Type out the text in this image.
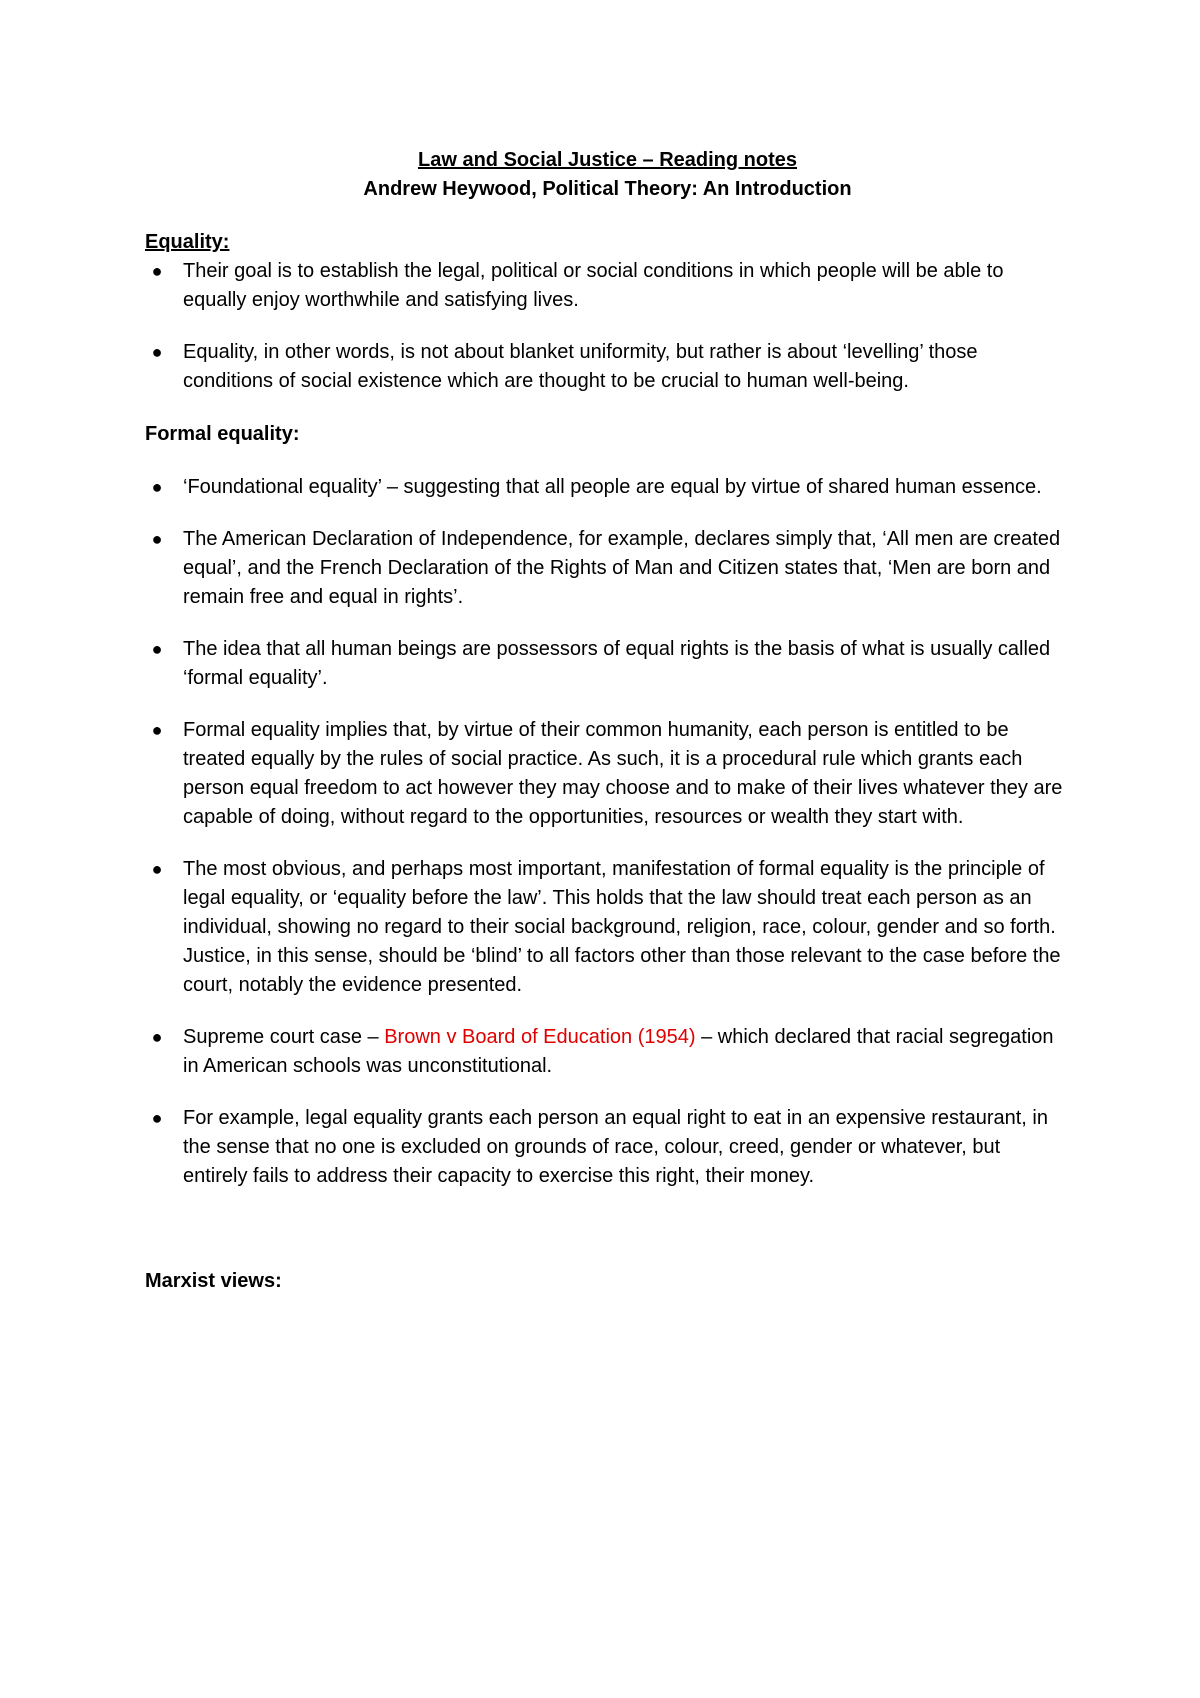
Law and Social Justice – Reading notes

Andrew Heywood, Political Theory: An Introduction

Equality:

● Their goal is to establish the legal, political or social conditions in which people will be able to equally enjoy worthwhile and satisfying lives.
● Equality, in other words, is not about blanket uniformity, but rather is about ‘levelling’ those conditions of social existence which are thought to be crucial to human well-being.

Formal equality:

● ‘Foundational equality’ – suggesting that all people are equal by virtue of shared human essence.
● The American Declaration of Independence, for example, declares simply that, ‘All men are created equal’, and the French Declaration of the Rights of Man and Citizen states that, ‘Men are born and remain free and equal in rights’.
● The idea that all human beings are possessors of equal rights is the basis of what is usually called ‘formal equality’.
● Formal equality implies that, by virtue of their common humanity, each person is entitled to be treated equally by the rules of social practice. As such, it is a procedural rule which grants each person equal freedom to act however they may choose and to make of their lives whatever they are capable of doing, without regard to the opportunities, resources or wealth they start with.
● The most obvious, and perhaps most important, manifestation of formal equality is the principle of legal equality, or ‘equality before the law’. This holds that the law should treat each person as an individual, showing no regard to their social background, religion, race, colour, gender and so forth. Justice, in this sense, should be ‘blind’ to all factors other than those relevant to the case before the court, notably the evidence presented.
● Supreme court case – Brown v Board of Education (1954) – which declared that racial segregation in American schools was unconstitutional.
● For example, legal equality grants each person an equal right to eat in an expensive restaurant, in the sense that no one is excluded on grounds of race, colour, creed, gender or whatever, but entirely fails to address their capacity to exercise this right, their money.

Marxist views:
